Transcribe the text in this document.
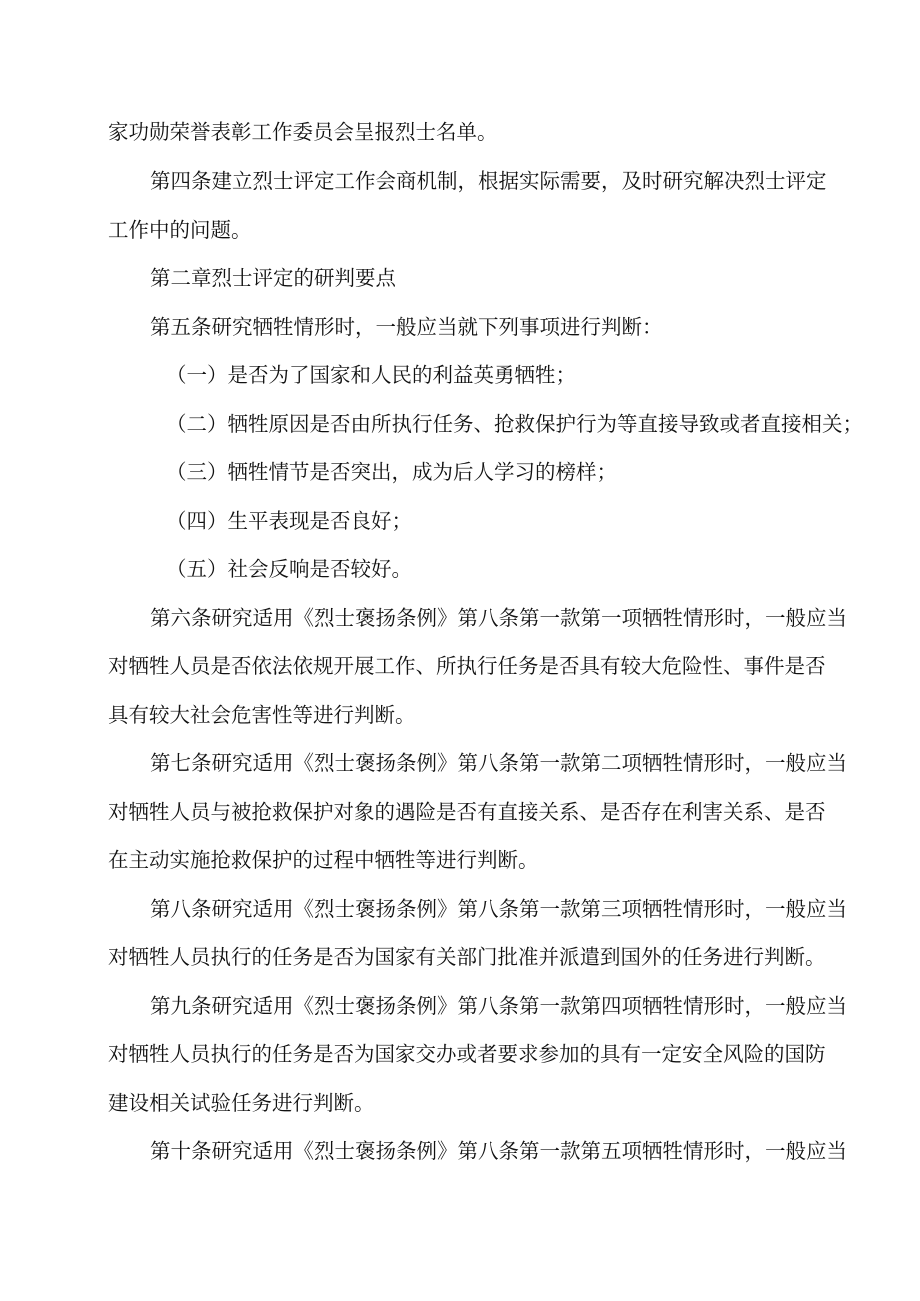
家功勋荣誉表彰工作委员会呈报烈士名单。
第四条建立烈士评定工作会商机制，根据实际需要，及时研究解决烈士评定
工作中的问题。
第二章烈士评定的研判要点
第五条研究牺牲情形时，一般应当就下列事项进行判断：
（一）是否为了国家和人民的利益英勇牺牲；
（二）牺牲原因是否由所执行任务、抢救保护行为等直接导致或者直接相关；
（三）牺牲情节是否突出，成为后人学习的榜样；
（四）生平表现是否良好；
（五）社会反响是否较好。
第六条研究适用《烈士褒扬条例》第八条第一款第一项牺牲情形时，一般应当
对牺牲人员是否依法依规开展工作、所执行任务是否具有较大危险性、事件是否
具有较大社会危害性等进行判断。
第七条研究适用《烈士褒扬条例》第八条第一款第二项牺牲情形时，一般应当
对牺牲人员与被抢救保护对象的遇险是否有直接关系、是否存在利害关系、是否
在主动实施抢救保护的过程中牺牲等进行判断。
第八条研究适用《烈士褒扬条例》第八条第一款第三项牺牲情形时，一般应当
对牺牲人员执行的任务是否为国家有关部门批准并派遣到国外的任务进行判断。
第九条研究适用《烈士褒扬条例》第八条第一款第四项牺牲情形时，一般应当
对牺牲人员执行的任务是否为国家交办或者要求参加的具有一定安全风险的国防
建设相关试验任务进行判断。
第十条研究适用《烈士褒扬条例》第八条第一款第五项牺牲情形时，一般应当
